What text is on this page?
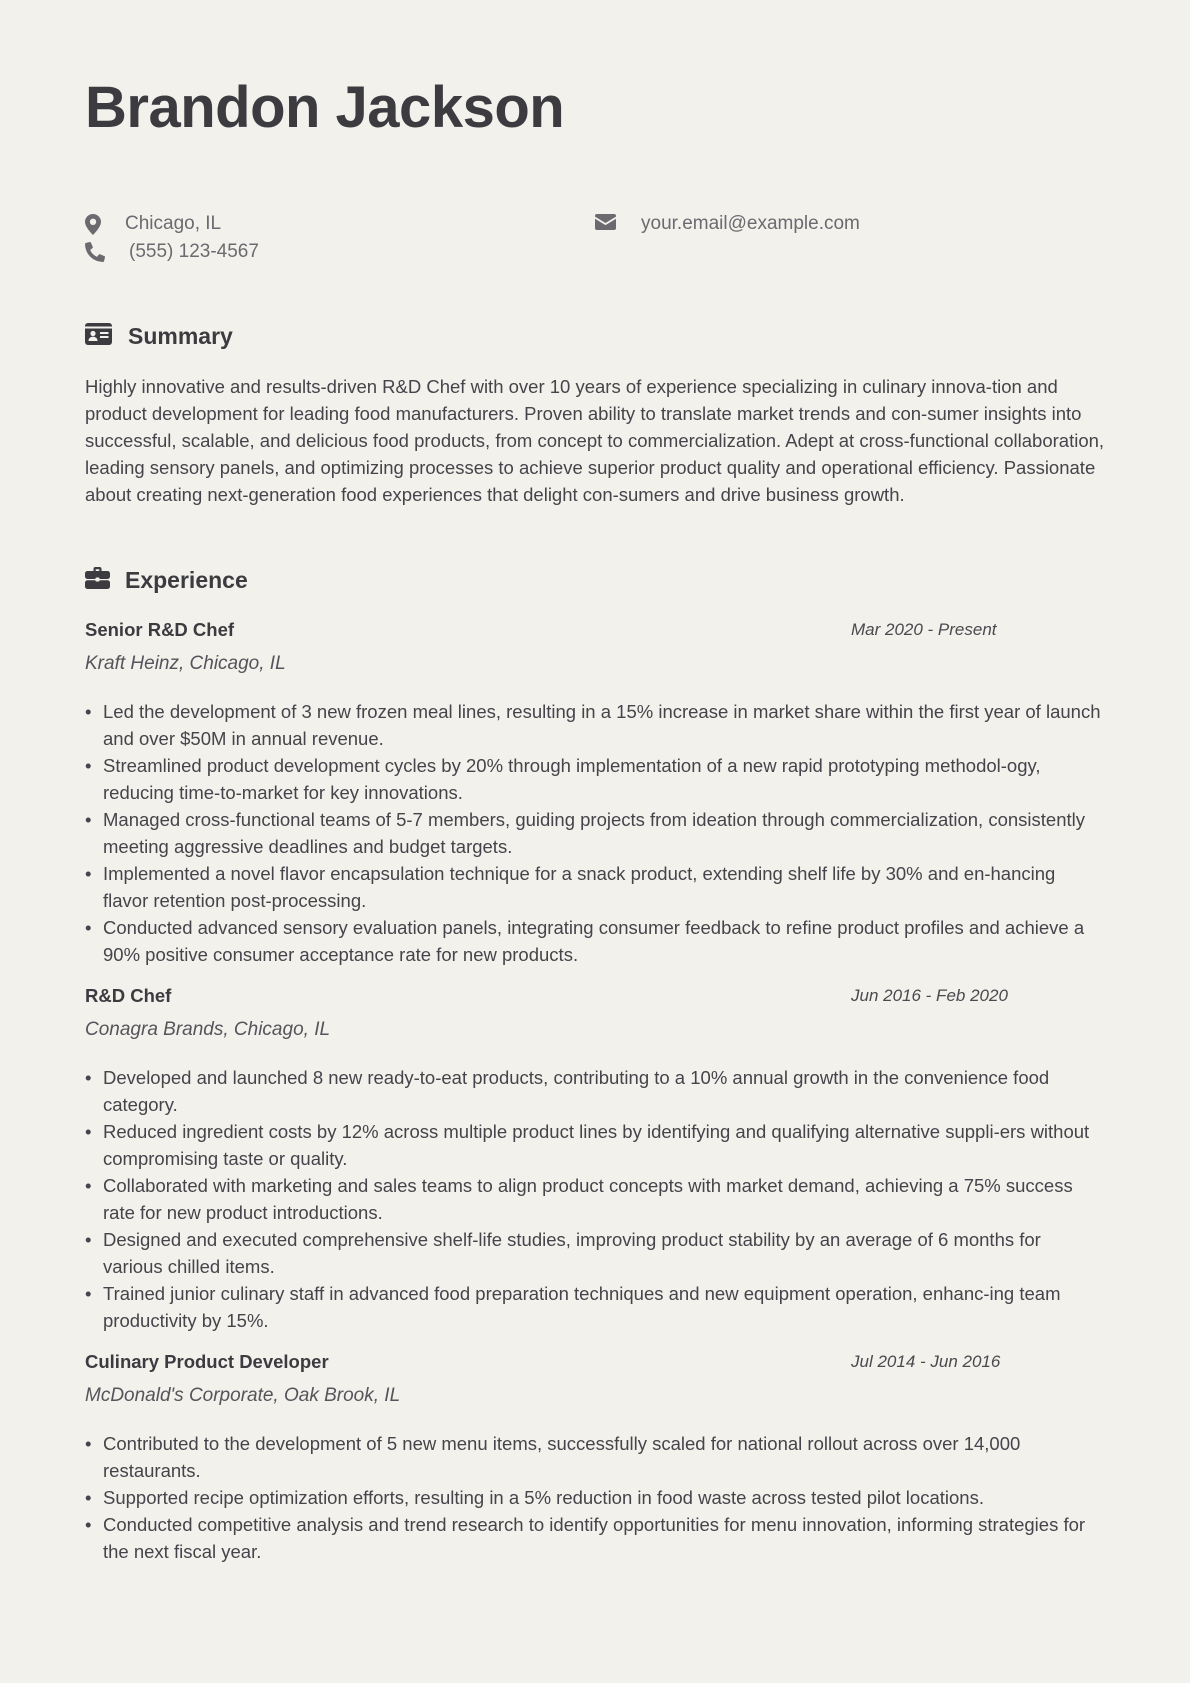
Brandon Jackson
Chicago, IL
(555) 123-4567
your.email@example.com
Summary

Highly innovative and results-driven R&D Chef with over 10 years of experience specializing in culinary innova-tion and product development for leading food manufacturers. Proven ability to translate market trends and con-sumer insights into successful, scalable, and delicious food products, from concept to commercialization. Adept at cross-functional collaboration, leading sensory panels, and optimizing processes to achieve superior product quality and operational efficiency. Passionate about creating next-generation food experiences that delight con-sumers and drive business growth.

Experience
Senior R&D Chef	Mar 2020 - Present
Kraft Heinz, Chicago, IL
• Led the development of 3 new frozen meal lines, resulting in a 15% increase in market share within the first year of launch and over $50M in annual revenue.
• Streamlined product development cycles by 20% through implementation of a new rapid prototyping methodol-ogy, reducing time-to-market for key innovations.
• Managed cross-functional teams of 5-7 members, guiding projects from ideation through commercialization, consistently meeting aggressive deadlines and budget targets.
• Implemented a novel flavor encapsulation technique for a snack product, extending shelf life by 30% and en-hancing flavor retention post-processing.
• Conducted advanced sensory evaluation panels, integrating consumer feedback to refine product profiles and achieve a 90% positive consumer acceptance rate for new products.
R&D Chef	Jun 2016 - Feb 2020
Conagra Brands, Chicago, IL
• Developed and launched 8 new ready-to-eat products, contributing to a 10% annual growth in the convenience food category.
• Reduced ingredient costs by 12% across multiple product lines by identifying and qualifying alternative suppli-ers without compromising taste or quality.
• Collaborated with marketing and sales teams to align product concepts with market demand, achieving a 75% success rate for new product introductions.
• Designed and executed comprehensive shelf-life studies, improving product stability by an average of 6 months for various chilled items.
• Trained junior culinary staff in advanced food preparation techniques and new equipment operation, enhanc-ing team productivity by 15%.
Culinary Product Developer	Jul 2014 - Jun 2016
McDonald's Corporate, Oak Brook, IL
• Contributed to the development of 5 new menu items, successfully scaled for national rollout across over 14,000 restaurants.
• Supported recipe optimization efforts, resulting in a 5% reduction in food waste across tested pilot locations.
• Conducted competitive analysis and trend research to identify opportunities for menu innovation, informing strategies for the next fiscal year.
